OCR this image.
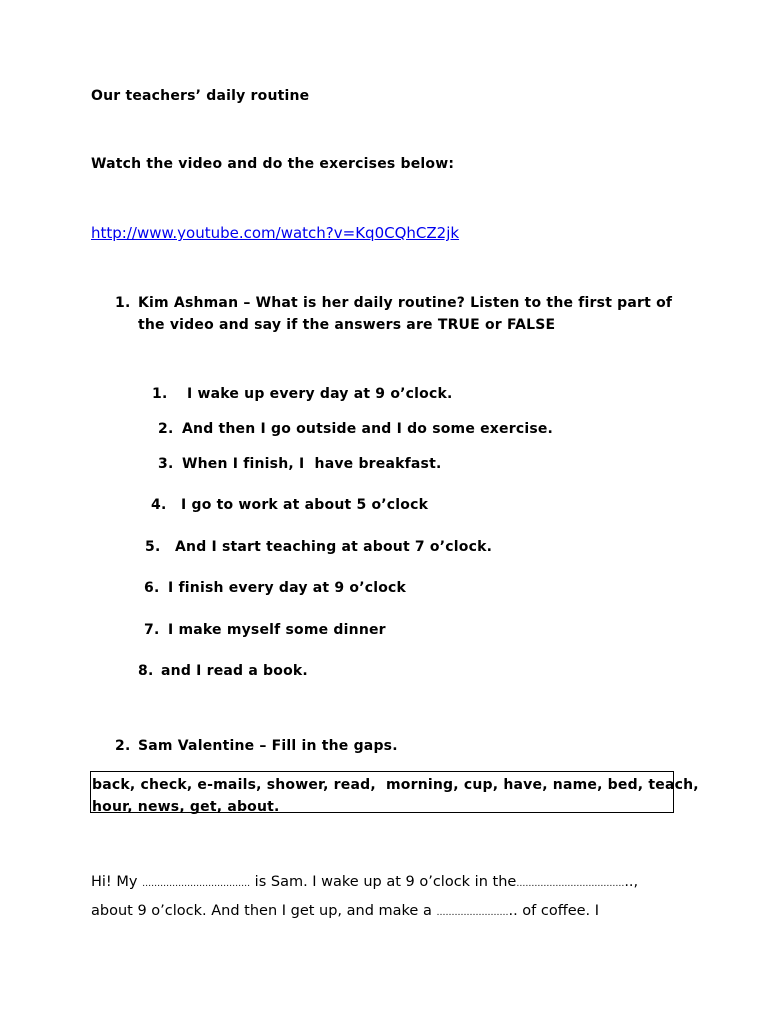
Our teachers’ daily routine
Watch the video and do the exercises below:
http://www.youtube.com/watch?v=Kq0CQhCZ2jk
1. Kim Ashman – What is her daily routine? Listen to the first part of
the video and say if the answers are TRUE or FALSE
1. I wake up every day at 9 o’clock.
2. And then I go outside and I do some exercise.
3. When I finish, I  have breakfast.
4. I go to work at about 5 o’clock
5. And I start teaching at about 7 o’clock.
6. I finish every day at 9 o’clock
7. I make myself some dinner
8. and I read a book.
2. Sam Valentine – Fill in the gaps.
back, check, e-mails, shower, read,  morning, cup, have, name, bed, teach,
hour, news, get, about.
Hi! My ……………………………… is Sam. I wake up at 9 o’clock in the………………………………..,
about 9 o’clock. And then I get up, and make a …………………….. of coffee. I
